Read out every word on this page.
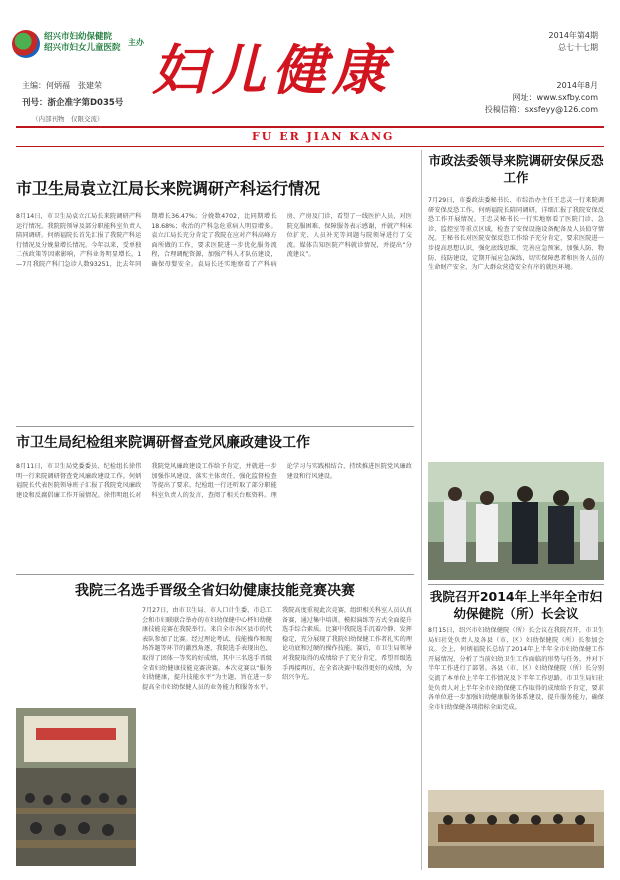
绍兴市妇幼保健院
绍兴市妇女儿童医院
主办 妇儿健康
主编：何炳福　张建荣
刊号：浙企准字第D035号
（内部刊物　仅限交流）
2014年第4期
总七十七期
2014年8月
网址：www.sxfby.com
投稿信箱：sxsfeyy@126.com
FU ER JIAN KANG
市卫生局袁立江局长来院调研产科运行情况
8月14日，市卫生局袁立江局长来院调研产科运行情况。我院院领导及部分职能科室负责人陪同调研。何炳福院长首先汇报了我院产科运行情况及分娩量增长情况。今年以来，受单独二孩政策等因素影响，产科业务明显增长，1—7月我院产科门急诊人数93251，比去年同期增长36.47%；分娩数4702，比同期增长18.68%；收治的产科急危重病人明显增多。袁立江局长充分肯定了我院在应对产科高峰方面所做的工作，要求医院进一步优化服务流程，合理调配资源，加强产科人才队伍建设，确保母婴安全。袁局长还实地察看了产科病房、产房及门诊，看望了一线医护人员，对医院克服困难、保障服务表示感谢，并就产科床位扩充、人员补充等问题与院领导进行了交流。媒体告知医院产科就诊情况，并提出“分流建议”。
市卫生局纪检组来院调研督查党风廉政建设工作
8月11日，市卫生局党委委员、纪检组长徐伟明一行来院调研督查党风廉政建设工作。何炳福院长代表医院领导班子汇报了我院党风廉政建设和反腐倡廉工作开展情况。徐伟明组长对我院党风廉政建设工作给予肯定，并就进一步加强作风建设、落实主体责任、强化监督检查等提出了要求。纪检组一行还听取了部分职能科室负责人的发言，查阅了相关台账资料。理论学习与实践相结合，持续推进医院党风廉政建设和行风建设。
我院三名选手晋级全省妇幼健康技能竞赛决赛
7月27日，由市卫生局、市人口计生委、市总工会和市妇联联合举办的市妇幼保健中心杯妇幼健康技能竞赛在我院举行。来自全市各区县市的代表队参加了比赛。经过理论考试、技能操作和现场答题等环节的激烈角逐，我院选手表现出色，取得了团体一等奖的好成绩，其中三名选手晋级全省妇幼健康技能竞赛决赛。本次竞赛以“服务妇幼健康，提升技能水平”为主题，旨在进一步提高全市妇幼保健人员的业务能力和服务水平。我院高度重视此次竞赛，组织相关科室人员认真备赛，通过集中培训、模拟演练等方式全面提升选手综合素质。比赛中我院选手沉着冷静、发挥稳定，充分展现了我院妇幼保健工作者扎实的理论功底和过硬的操作技能。赛后，市卫生局领导对我院取得的成绩给予了充分肯定，希望晋级选手再接再厉，在全省决赛中取得更好的成绩，为绍兴争光。
市政法委领导来院调研安保反恐工作
7月29日，市委政法委秘书长、市综治办主任王忠灵一行来院调研安保反恐工作。何炳福院长陪同调研，详细汇报了我院安保反恐工作开展情况。王忠灵秘书长一行实地察看了医院门诊、急诊、监控室等重点区域，检查了安保设施设备配备及人员值守情况。王秘书长对医院安保反恐工作给予充分肯定，要求医院进一步提高思想认识，强化底线思维，完善应急预案，加强人防、物防、技防建设，定期开展应急演练，切实保障患者和医务人员的生命财产安全，为广大群众营造安全有序的就医环境。
我院召开2014年上半年全市妇幼保健院（所）长会议
8月15日，绍兴市妇幼保健院（所）长会议在我院召开，市卫生局妇社处负责人及各县（市、区）妇幼保健院（所）长参加会议。会上，何炳福院长总结了2014年上半年全市妇幼保健工作开展情况，分析了当前妇幼卫生工作面临的形势与任务，并对下半年工作进行了部署。各县（市、区）妇幼保健院（所）长分别交流了本单位上半年工作情况及下半年工作思路。市卫生局妇社处负责人对上半年全市妇幼保健工作取得的成绩给予肯定，要求各单位进一步加强妇幼健康服务体系建设，提升服务能力，确保全市妇幼保健各项指标全面完成。
